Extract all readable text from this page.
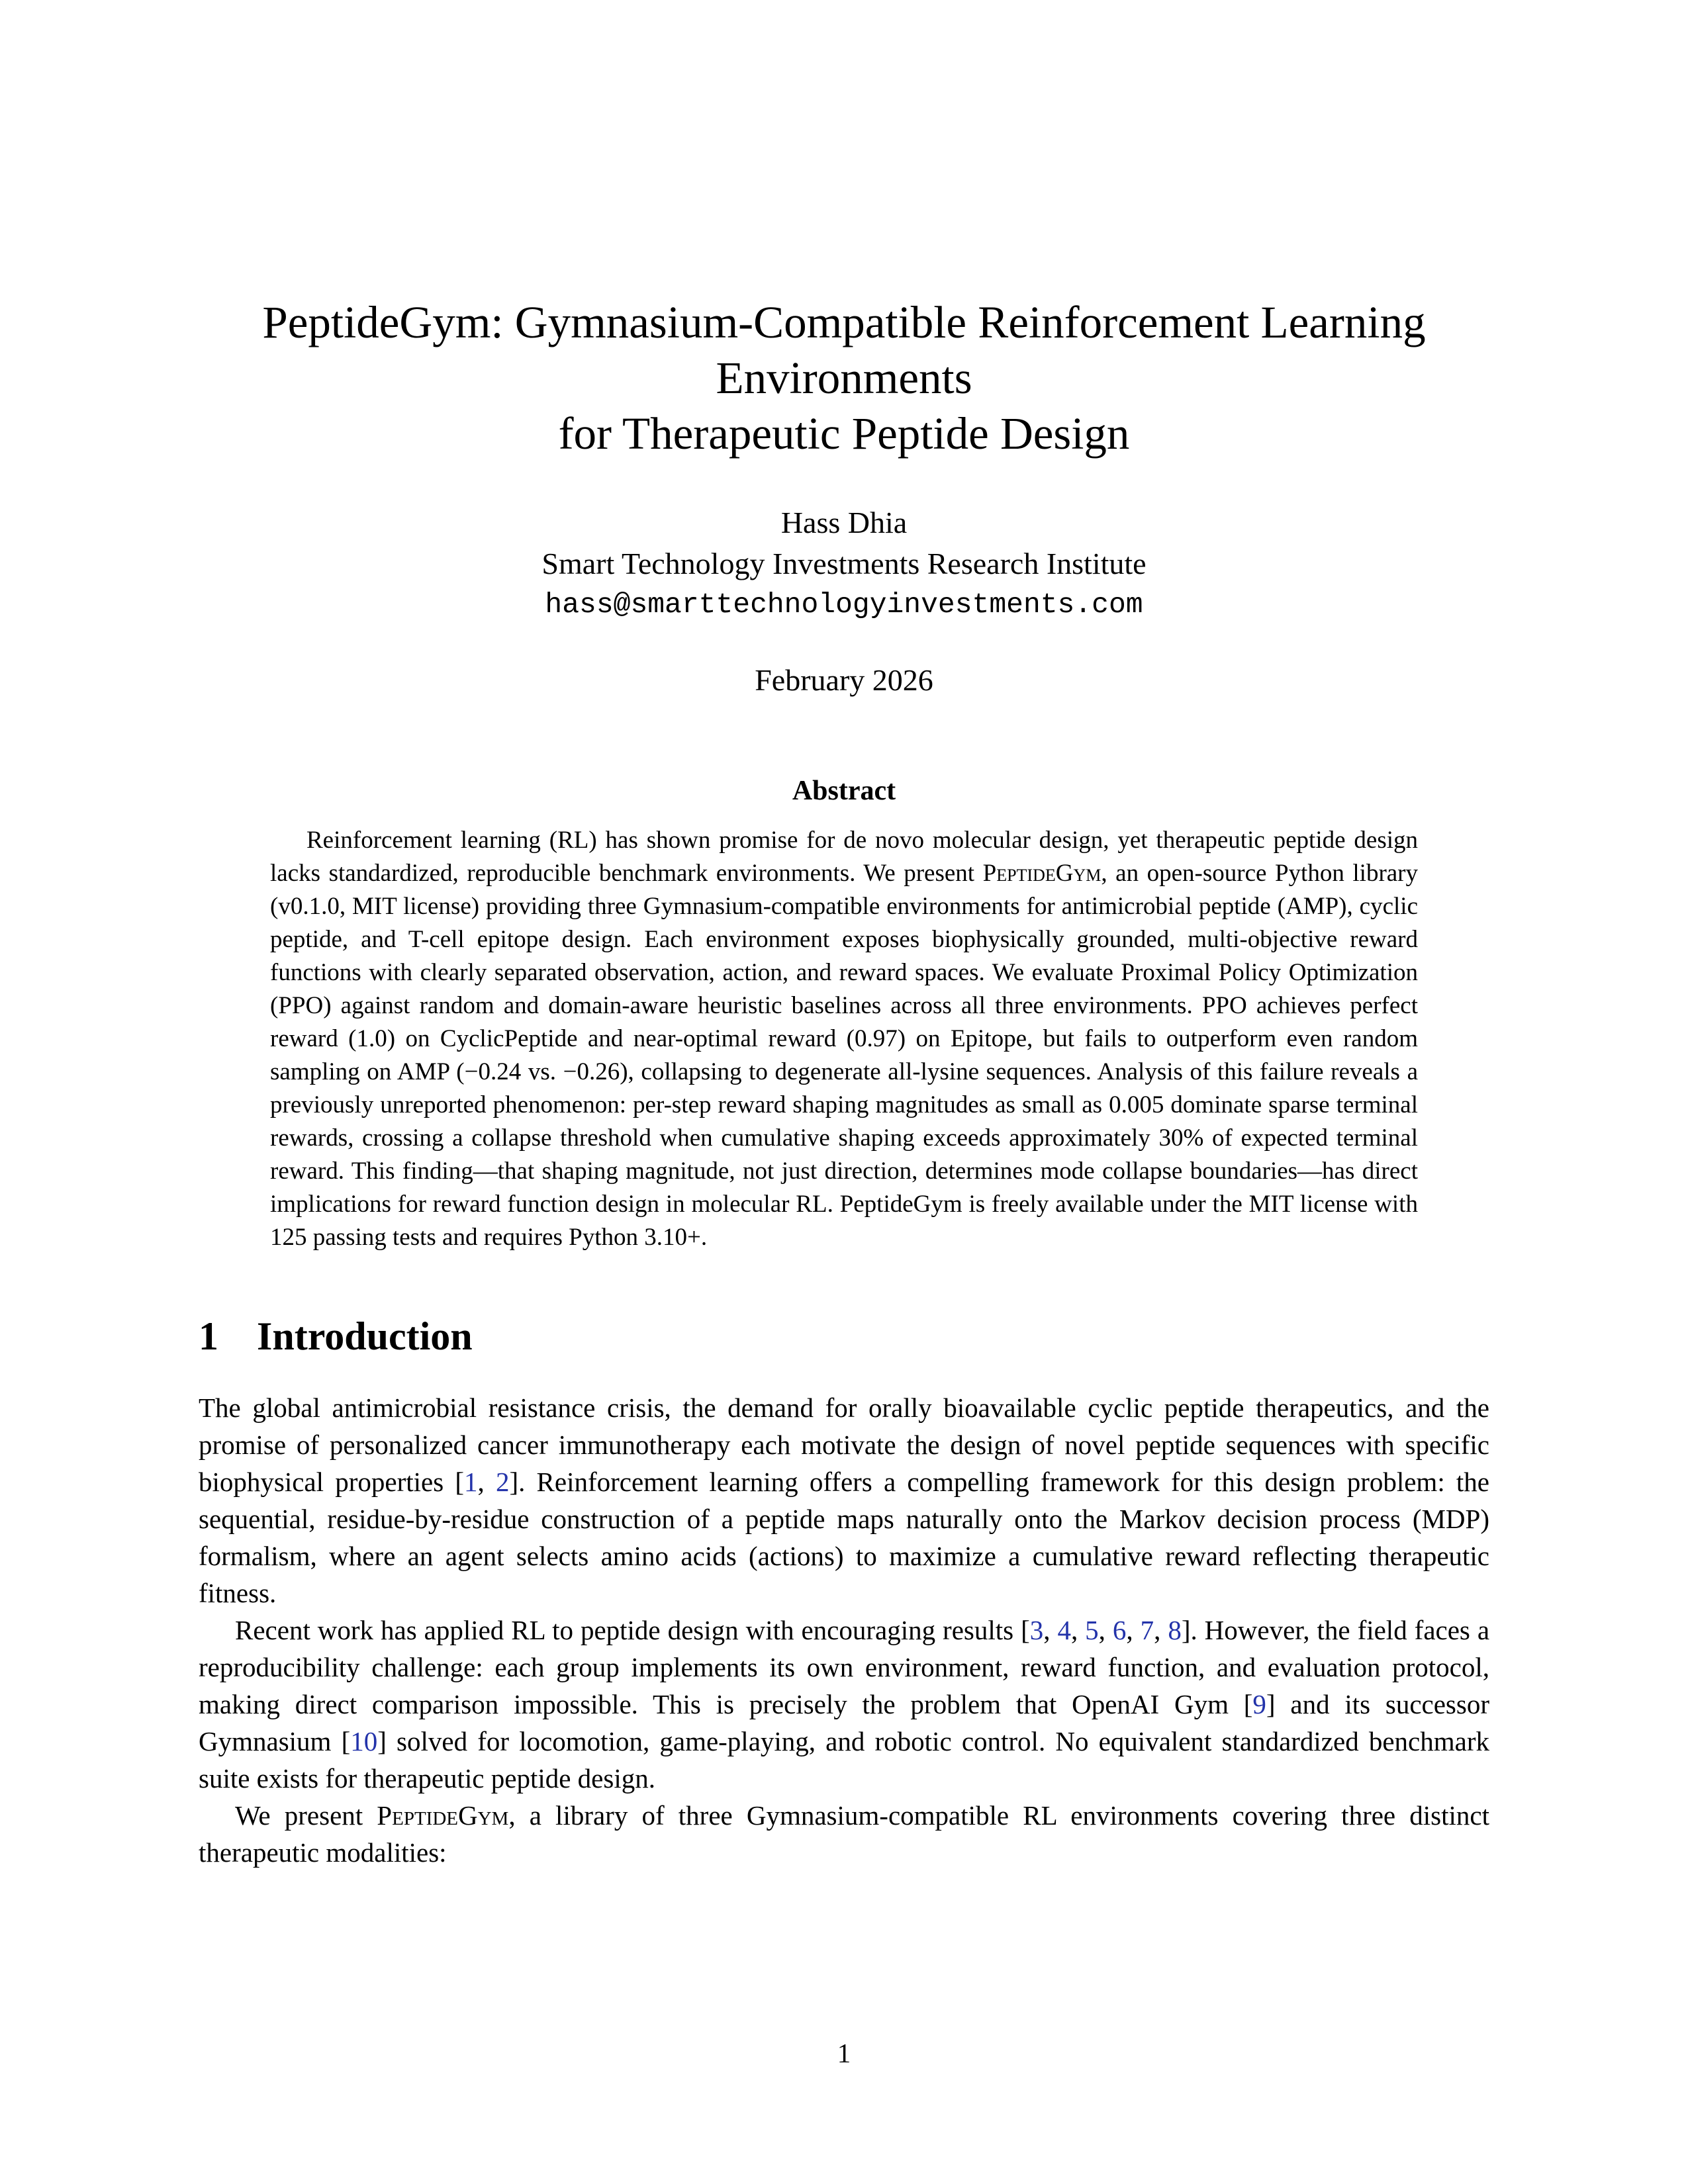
PeptideGym: Gymnasium-Compatible Reinforcement Learning
Environments
for Therapeutic Peptide Design
Hass Dhia
Smart Technology Investments Research Institute
hass@smarttechnologyinvestments.com
February 2026
Abstract

Reinforcement learning (RL) has shown promise for de novo molecular design, yet therapeutic peptide design lacks standardized, reproducible benchmark environments. We present PeptideGym, an open-source Python library (v0.1.0, MIT license) providing three Gymnasium-compatible environments for antimicrobial peptide (AMP), cyclic peptide, and T-cell epitope design. Each environment exposes biophysically grounded, multi-objective reward functions with clearly separated observation, action, and reward spaces. We evaluate Proximal Policy Optimization (PPO) against random and domain-aware heuristic baselines across all three environments. PPO achieves perfect reward (1.0) on CyclicPeptide and near-optimal reward (0.97) on Epitope, but fails to outperform even random sampling on AMP (−0.24 vs. −0.26), collapsing to degenerate all-lysine sequences. Analysis of this failure reveals a previously unreported phenomenon: per-step reward shaping magnitudes as small as 0.005 dominate sparse terminal rewards, crossing a collapse threshold when cumulative shaping exceeds approximately 30% of expected terminal reward. This finding—that shaping magnitude, not just direction, determines mode collapse boundaries—has direct implications for reward function design in molecular RL. PeptideGym is freely available under the MIT license with 125 passing tests and requires Python 3.10+.

1 Introduction

The global antimicrobial resistance crisis, the demand for orally bioavailable cyclic peptide therapeutics, and the promise of personalized cancer immunotherapy each motivate the design of novel peptide sequences with specific biophysical properties [1, 2]. Reinforcement learning offers a compelling framework for this design problem: the sequential, residue-by-residue construction of a peptide maps naturally onto the Markov decision process (MDP) formalism, where an agent selects amino acids (actions) to maximize a cumulative reward reflecting therapeutic fitness.

Recent work has applied RL to peptide design with encouraging results [3, 4, 5, 6, 7, 8]. However, the field faces a reproducibility challenge: each group implements its own environment, reward function, and evaluation protocol, making direct comparison impossible. This is precisely the problem that OpenAI Gym [9] and its successor Gymnasium [10] solved for locomotion, game-playing, and robotic control. No equivalent standardized benchmark suite exists for therapeutic peptide design.

We present PeptideGym, a library of three Gymnasium-compatible RL environments covering three distinct therapeutic modalities:

1
